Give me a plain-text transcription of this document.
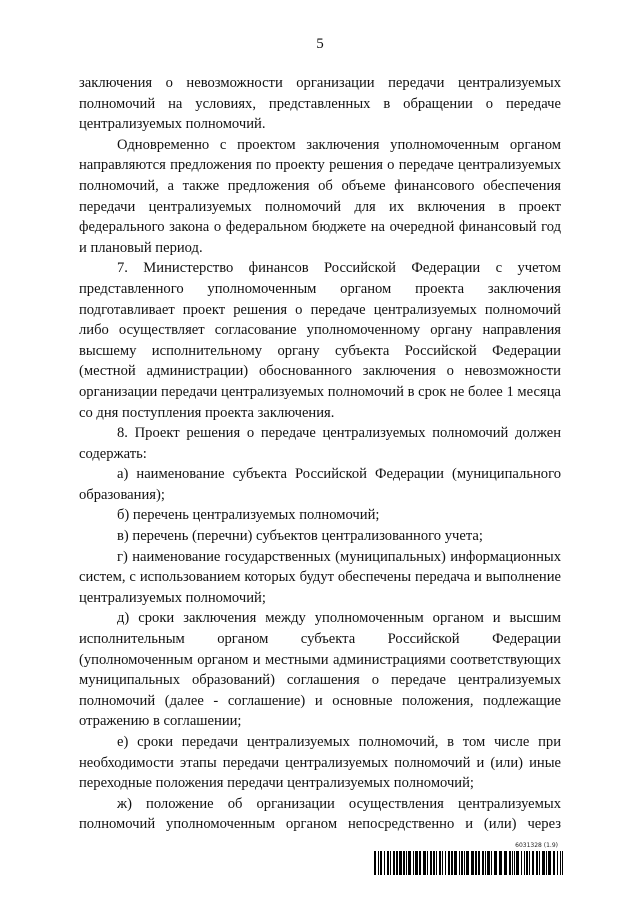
5

заключения о невозможности организации передачи централизуемых полномочий на условиях, представленных в обращении о передаче централизуемых полномочий.

Одновременно с проектом заключения уполномоченным органом направляются предложения по проекту решения о передаче централизуемых полномочий, а также предложения об объеме финансового обеспечения передачи централизуемых полномочий для их включения в проект федерального закона о федеральном бюджете на очередной финансовый год и плановый период.

7. Министерство финансов Российской Федерации с учетом представленного уполномоченным органом проекта заключения подготавливает проект решения о передаче централизуемых полномочий либо осуществляет согласование уполномоченному органу направления высшему исполнительному органу субъекта Российской Федерации (местной администрации) обоснованного заключения о невозможности организации передачи централизуемых полномочий в срок не более 1 месяца со дня поступления проекта заключения.

8. Проект решения о передаче централизуемых полномочий должен содержать:

а) наименование субъекта Российской Федерации (муниципального образования);

б) перечень централизуемых полномочий;

в) перечень (перечни) субъектов централизованного учета;

г) наименование государственных (муниципальных) информационных систем, с использованием которых будут обеспечены передача и выполнение централизуемых полномочий;

д) сроки заключения между уполномоченным органом и высшим исполнительным органом субъекта Российской Федерации (уполномоченным органом и местными администрациями соответствующих муниципальных образований) соглашения о передаче централизуемых полномочий (далее - соглашение) и основные положения, подлежащие отражению в соглашении;

е) сроки передачи централизуемых полномочий, в том числе при необходимости этапы передачи централизуемых полномочий и (или) иные переходные положения передачи централизуемых полномочий;

ж) положение об организации осуществления централизуемых полномочий уполномоченным органом непосредственно и (или) через

6031328 (1.9)
